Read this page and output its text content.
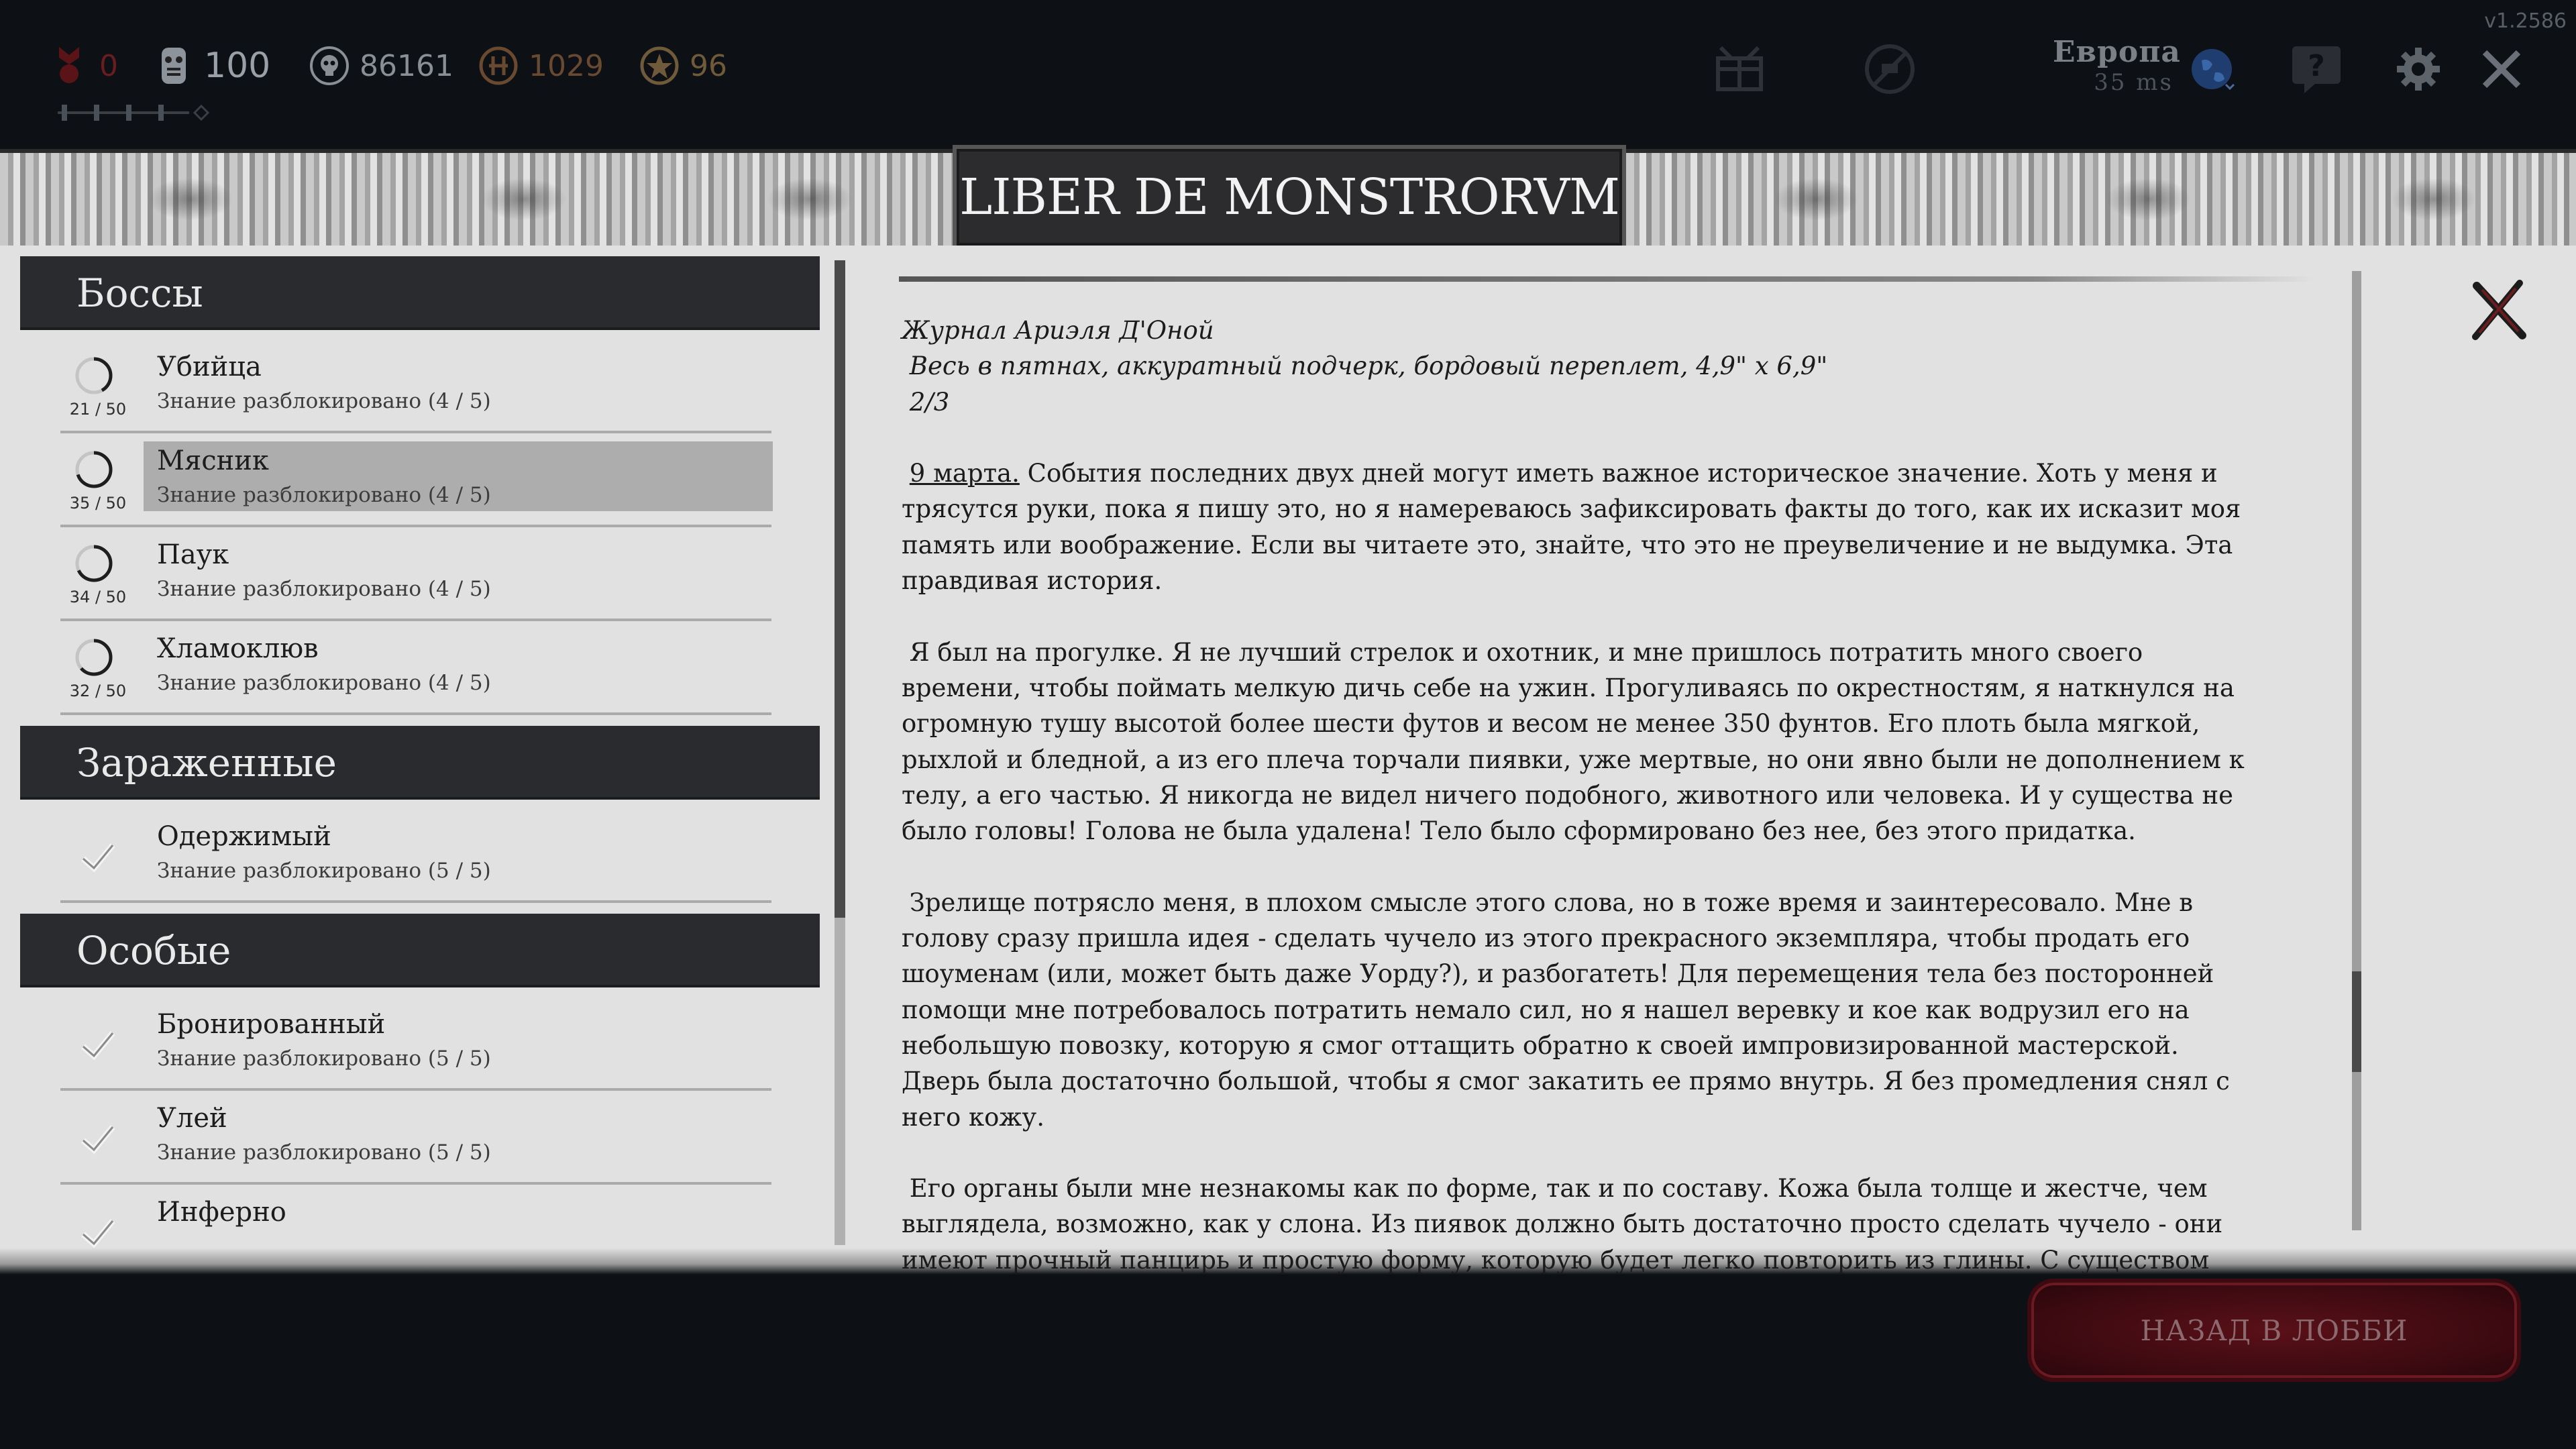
v1.2586
0 100	86161	1029	96	Европа
35 ms	?
LIBER DE MONSTRORVM
Боссы
21 / 50
Убийца
Знание разблокировано (4 / 5)
35 / 50
Мясник
Знание разблокировано (4 / 5)
34 / 50
Паук
Знание разблокировано (4 / 5)
32 / 50
Хламоклюв
Знание разблокировано (4 / 5)
Зараженные
Одержимый
Знание разблокировано (5 / 5)
Особые
Бронированный
Знание разблокировано (5 / 5)
Улей
Знание разблокировано (5 / 5)
Инферно

Журнал Ариэля Д'Оной
Весь в пятнах, аккуратный подчерк, бордовый переплет, 4,9" x 6,9"
2/3

9 марта. События последних двух дней могут иметь важное историческое значение. Хоть у меня и трясутся руки, пока я пишу это, но я намереваюсь зафиксировать факты до того, как их исказит моя память или воображение. Если вы читаете это, знайте, что это не преувеличение и не выдумка. Эта правдивая история.

Я был на прогулке. Я не лучший стрелок и охотник, и мне пришлось потратить много своего времени, чтобы поймать мелкую дичь себе на ужин. Прогуливаясь по окрестностям, я наткнулся на огромную тушу высотой более шести футов и весом не менее 350 фунтов. Его плоть была мягкой, рыхлой и бледной, а из его плеча торчали пиявки, уже мертвые, но они явно были не дополнением к телу, а его частью. Я никогда не видел ничего подобного, животного или человека. И у существа не было головы! Голова не была удалена! Тело было сформировано без нее, без этого придатка.

Зрелище потрясло меня, в плохом смысле этого слова, но в тоже время и заинтересовало. Мне в голову сразу пришла идея - сделать чучело из этого прекрасного экземпляра, чтобы продать его шоуменам (или, может быть даже Уорду?), и разбогатеть! Для перемещения тела без посторонней помощи мне потребовалось потратить немало сил, но я нашел веревку и кое как водрузил его на небольшую повозку, которую я смог оттащить обратно к своей импровизированной мастерской. Дверь была достаточно большой, чтобы я смог закатить ее прямо внутрь. Я без промедления снял с него кожу.

Его органы были мне незнакомы как по форме, так и по составу. Кожа была толще и жестче, чем выглядела, возможно, как у слона. Из пиявок должно быть достаточно просто сделать чучело - они имеют прочный панцирь и простую форму, которую будет легко повторить из глины. С существом

НАЗАД В ЛОББИ
